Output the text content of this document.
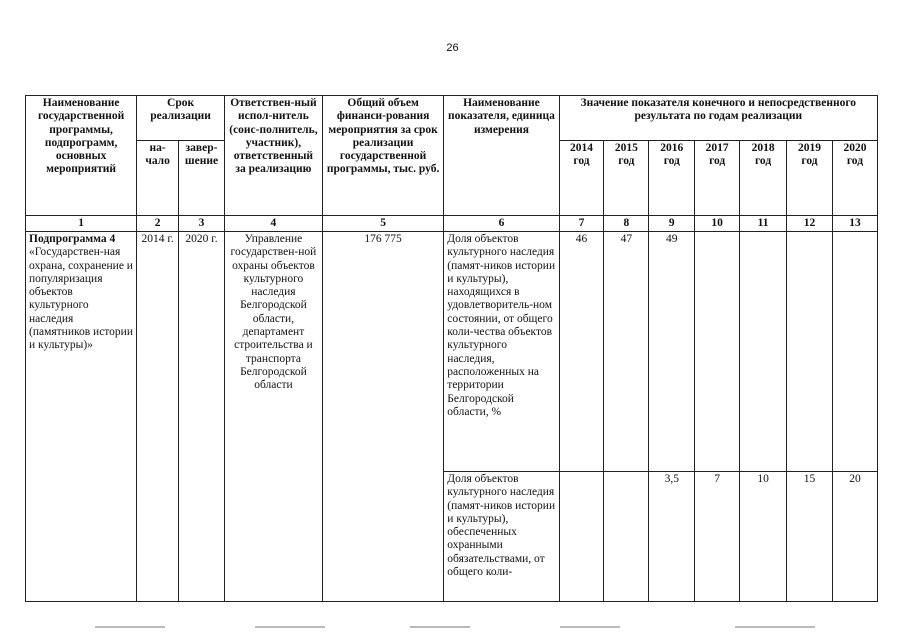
26
Наименование государственной программы, подпрограмм, основных мероприятий	Срок реализации		Ответствен-ный испол-нитель (соис-полнитель, участник), ответственный за реализацию	Общий объем финанси-рования мероприятия за срок реализации государственной программы, тыс. руб.	Наименование показателя, единица измерения	Значение показателя конечного и непосредственного результата по годам реализации						
	на-чало	завер-шение				2014 год	2015 год	2016 год	2017 год	2018 год	2019 год	2020 год
1	2	3	4	5	6	7	8	9	10	11	12	13
Подпрограмма 4
«Государствен-ная охрана, сохранение и популяризация объектов культурного наследия (памятников истории и культуры)»	2014 г.	2020 г.	Управление государствен-ной охраны объектов культурного наследия Белгородской области, департамент строительства и транспорта Белгородской области	176 775	Доля объектов культурного наследия (памят-ников истории и культуры), находящихся в удовлетворитель-ном состоянии, от общего коли-чества объектов культурного наследия, расположенных на территории Белгородской области, %	46	47	49				
					Доля объектов культурного наследия (памят-ников истории и культуры), обеспеченных охранными обязательствами, от общего коли-			3,5	7	10	15	20
